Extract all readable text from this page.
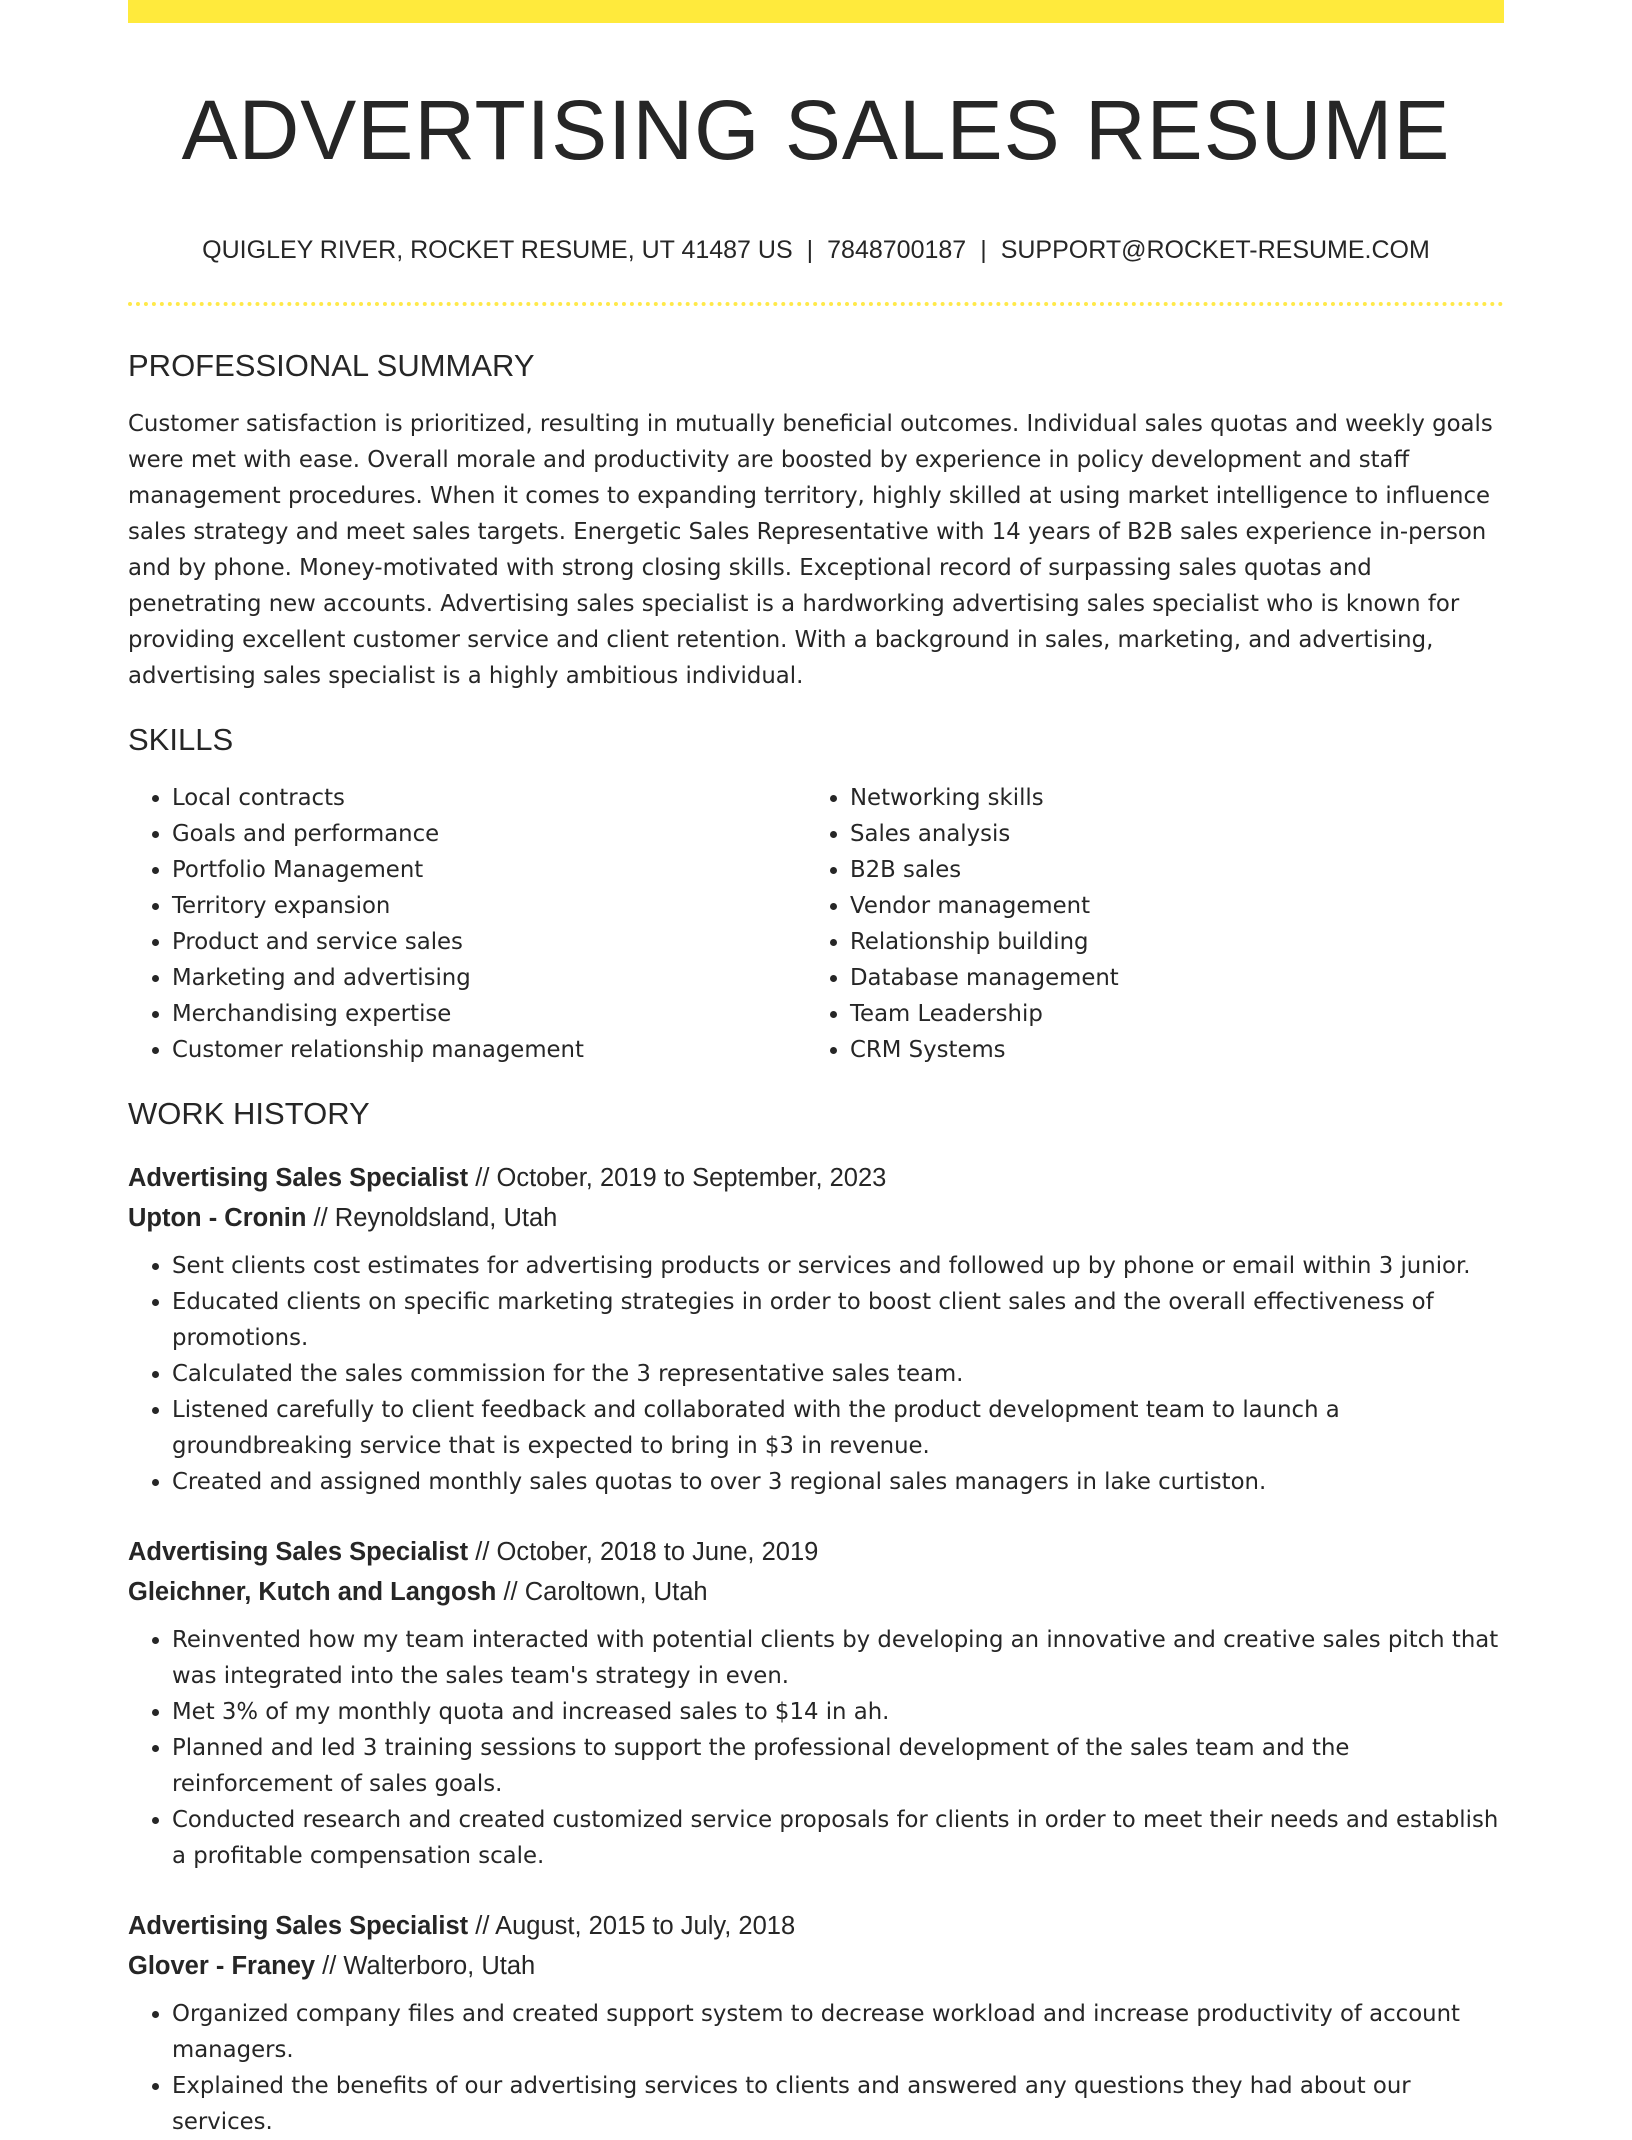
ADVERTISING SALES RESUME
QUIGLEY RIVER, ROCKET RESUME, UT 41487 US | 7848700187 | SUPPORT@ROCKET-RESUME.COM
PROFESSIONAL SUMMARY

Customer satisfaction is prioritized, resulting in mutually beneficial outcomes. Individual sales quotas and weekly goals were met with ease. Overall morale and productivity are boosted by experience in policy development and staff management procedures. When it comes to expanding territory, highly skilled at using market intelligence to influence sales strategy and meet sales targets. Energetic Sales Representative with 14 years of B2B sales experience in-person and by phone. Money-motivated with strong closing skills. Exceptional record of surpassing sales quotas and penetrating new accounts. Advertising sales specialist is a hardworking advertising sales specialist who is known for providing excellent customer service and client retention. With a background in sales, marketing, and advertising, advertising sales specialist is a highly ambitious individual.

SKILLS
• Local contracts
• Goals and performance
• Portfolio Management
• Territory expansion
• Product and service sales
• Marketing and advertising
• Merchandising expertise
• Customer relationship management
• Networking skills
• Sales analysis
• B2B sales
• Vendor management
• Relationship building
• Database management
• Team Leadership
• CRM Systems
WORK HISTORY
Advertising Sales Specialist // October, 2019 to September, 2023
Upton - Cronin // Reynoldsland, Utah
• Sent clients cost estimates for advertising products or services and followed up by phone or email within 3 junior.
• Educated clients on specific marketing strategies in order to boost client sales and the overall effectiveness of promotions.
• Calculated the sales commission for the 3 representative sales team.
• Listened carefully to client feedback and collaborated with the product development team to launch a groundbreaking service that is expected to bring in $3 in revenue.
• Created and assigned monthly sales quotas to over 3 regional sales managers in lake curtiston.
Advertising Sales Specialist // October, 2018 to June, 2019
Gleichner, Kutch and Langosh // Caroltown, Utah
• Reinvented how my team interacted with potential clients by developing an innovative and creative sales pitch that was integrated into the sales team's strategy in even.
• Met 3% of my monthly quota and increased sales to $14 in ah.
• Planned and led 3 training sessions to support the professional development of the sales team and the reinforcement of sales goals.
• Conducted research and created customized service proposals for clients in order to meet their needs and establish a profitable compensation scale.
Advertising Sales Specialist // August, 2015 to July, 2018
Glover - Franey // Walterboro, Utah
• Organized company files and created support system to decrease workload and increase productivity of account managers.
• Explained the benefits of our advertising services to clients and answered any questions they had about our services.
